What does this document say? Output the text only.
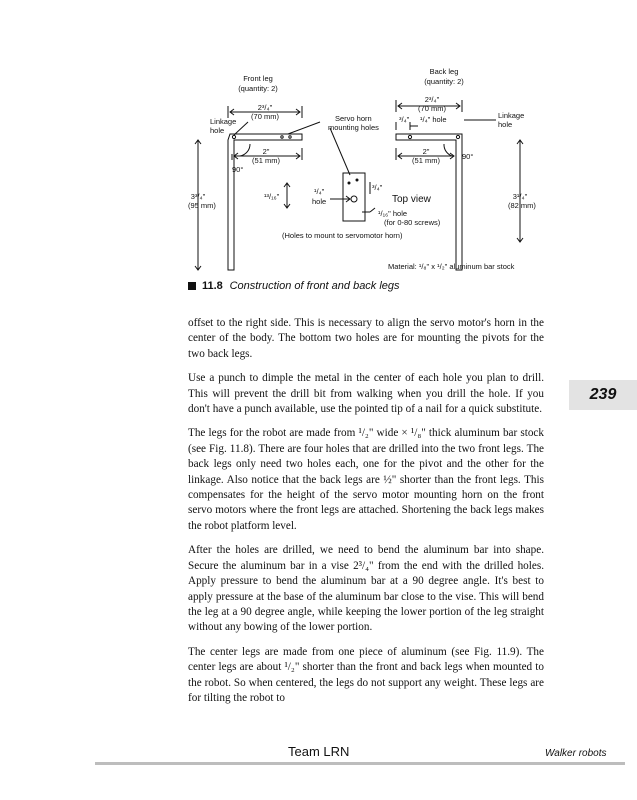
Front leg
(quantity: 2)
2³/₄"
(70 mm)
Linkage
hole
Servo horn
mounting holes
2"
(51 mm)
90°
3³/₄"
(95 mm)
Back leg
(quantity: 2)
2³/₄"
(70 mm)
³/₄" ¹/₄" hole	Linkage
hole
2"
(51 mm)	90°
3¹/₄"
(82 mm)
¹³/₁₆"
¹/₄"
hole
³/₄"
Top view
¹/₁₆" hole
(for 0-80 screws)
(Holes to mount to servomotor horn)
Material: ¹/₈" x ¹/₂" aluminum bar stock
11.8 Construction of front and back legs

offset to the right side. This is necessary to align the servo motor's horn in the center of the body. The bottom two holes are for mounting the pivots for the two back legs.

Use a punch to dimple the metal in the center of each hole you plan to drill. This will prevent the drill bit from walking when you drill the hole. If you don't have a punch available, use the pointed tip of a nail for a quick substitute.

The legs for the robot are made from ¹/₂" wide × ¹/₈" thick aluminum bar stock (see Fig. 11.8). There are four holes that are drilled into the two front legs. The back legs only need two holes each, one for the pivot and the other for the linkage. Also notice that the back legs are ½" shorter than the front legs. This compensates for the height of the servo motor mounting horn on the front servo motors where the front legs are attached. Shortening the back legs makes the robot platform level.

After the holes are drilled, we need to bend the aluminum bar into shape. Secure the aluminum bar in a vise 2³/₄" from the end with the drilled holes. Apply pressure to bend the aluminum bar at a 90 degree angle. It's best to apply pressure at the base of the aluminum bar close to the vise. This will bend the leg at a 90 degree angle, while keeping the lower portion of the leg straight without any bowing of the lower portion.

The center legs are made from one piece of aluminum (see Fig. 11.9). The center legs are about ¹/₂" shorter than the front and back legs when mounted to the robot. So when centered, the legs do not support any weight. These legs are for tilting the robot to

239
Team LRN	Walker robots
